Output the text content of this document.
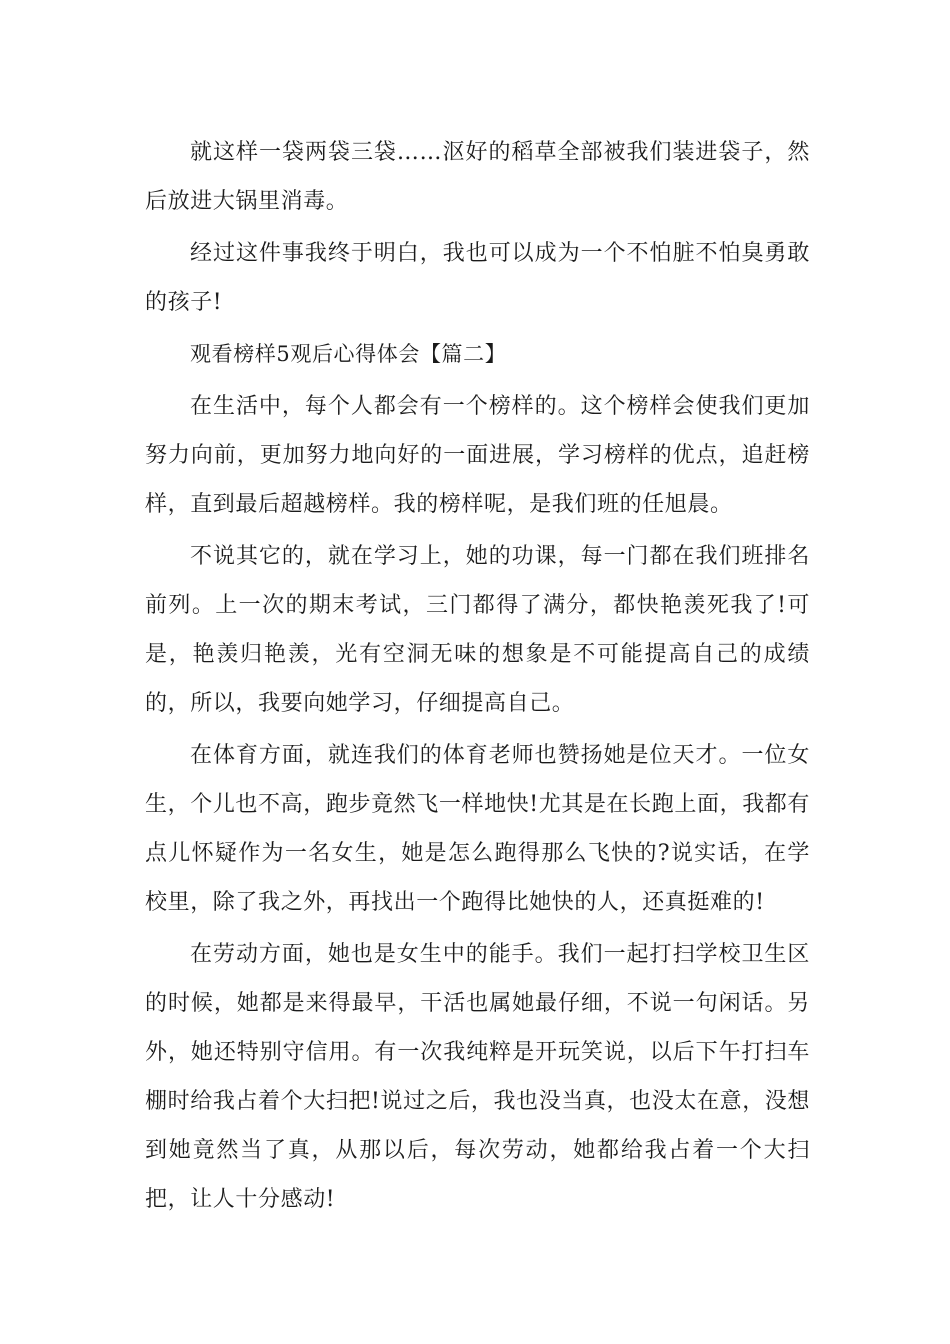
就这样一袋两袋三袋……沤好的稻草全部被我们装进袋子，然后放进大锅里消毒。

经过这件事我终于明白，我也可以成为一个不怕脏不怕臭勇敢的孩子!

观看榜样5观后心得体会【篇二】

在生活中，每个人都会有一个榜样的。这个榜样会使我们更加努力向前，更加努力地向好的一面进展，学习榜样的优点，追赶榜样，直到最后超越榜样。我的榜样呢，是我们班的任旭晨。

不说其它的，就在学习上，她的功课，每一门都在我们班排名前列。上一次的期末考试，三门都得了满分，都快艳羡死我了!可是，艳羡归艳羡，光有空洞无味的想象是不可能提高自己的成绩的，所以，我要向她学习，仔细提高自己。

在体育方面，就连我们的体育老师也赞扬她是位天才。一位女生，个儿也不高，跑步竟然飞一样地快!尤其是在长跑上面，我都有点儿怀疑作为一名女生，她是怎么跑得那么飞快的?说实话，在学校里，除了我之外，再找出一个跑得比她快的人，还真挺难的!

在劳动方面，她也是女生中的能手。我们一起打扫学校卫生区的时候，她都是来得最早，干活也属她最仔细，不说一句闲话。另外，她还特别守信用。有一次我纯粹是开玩笑说，以后下午打扫车棚时给我占着个大扫把!说过之后，我也没当真，也没太在意，没想到她竟然当了真，从那以后，每次劳动，她都给我占着一个大扫把，让人十分感动!
